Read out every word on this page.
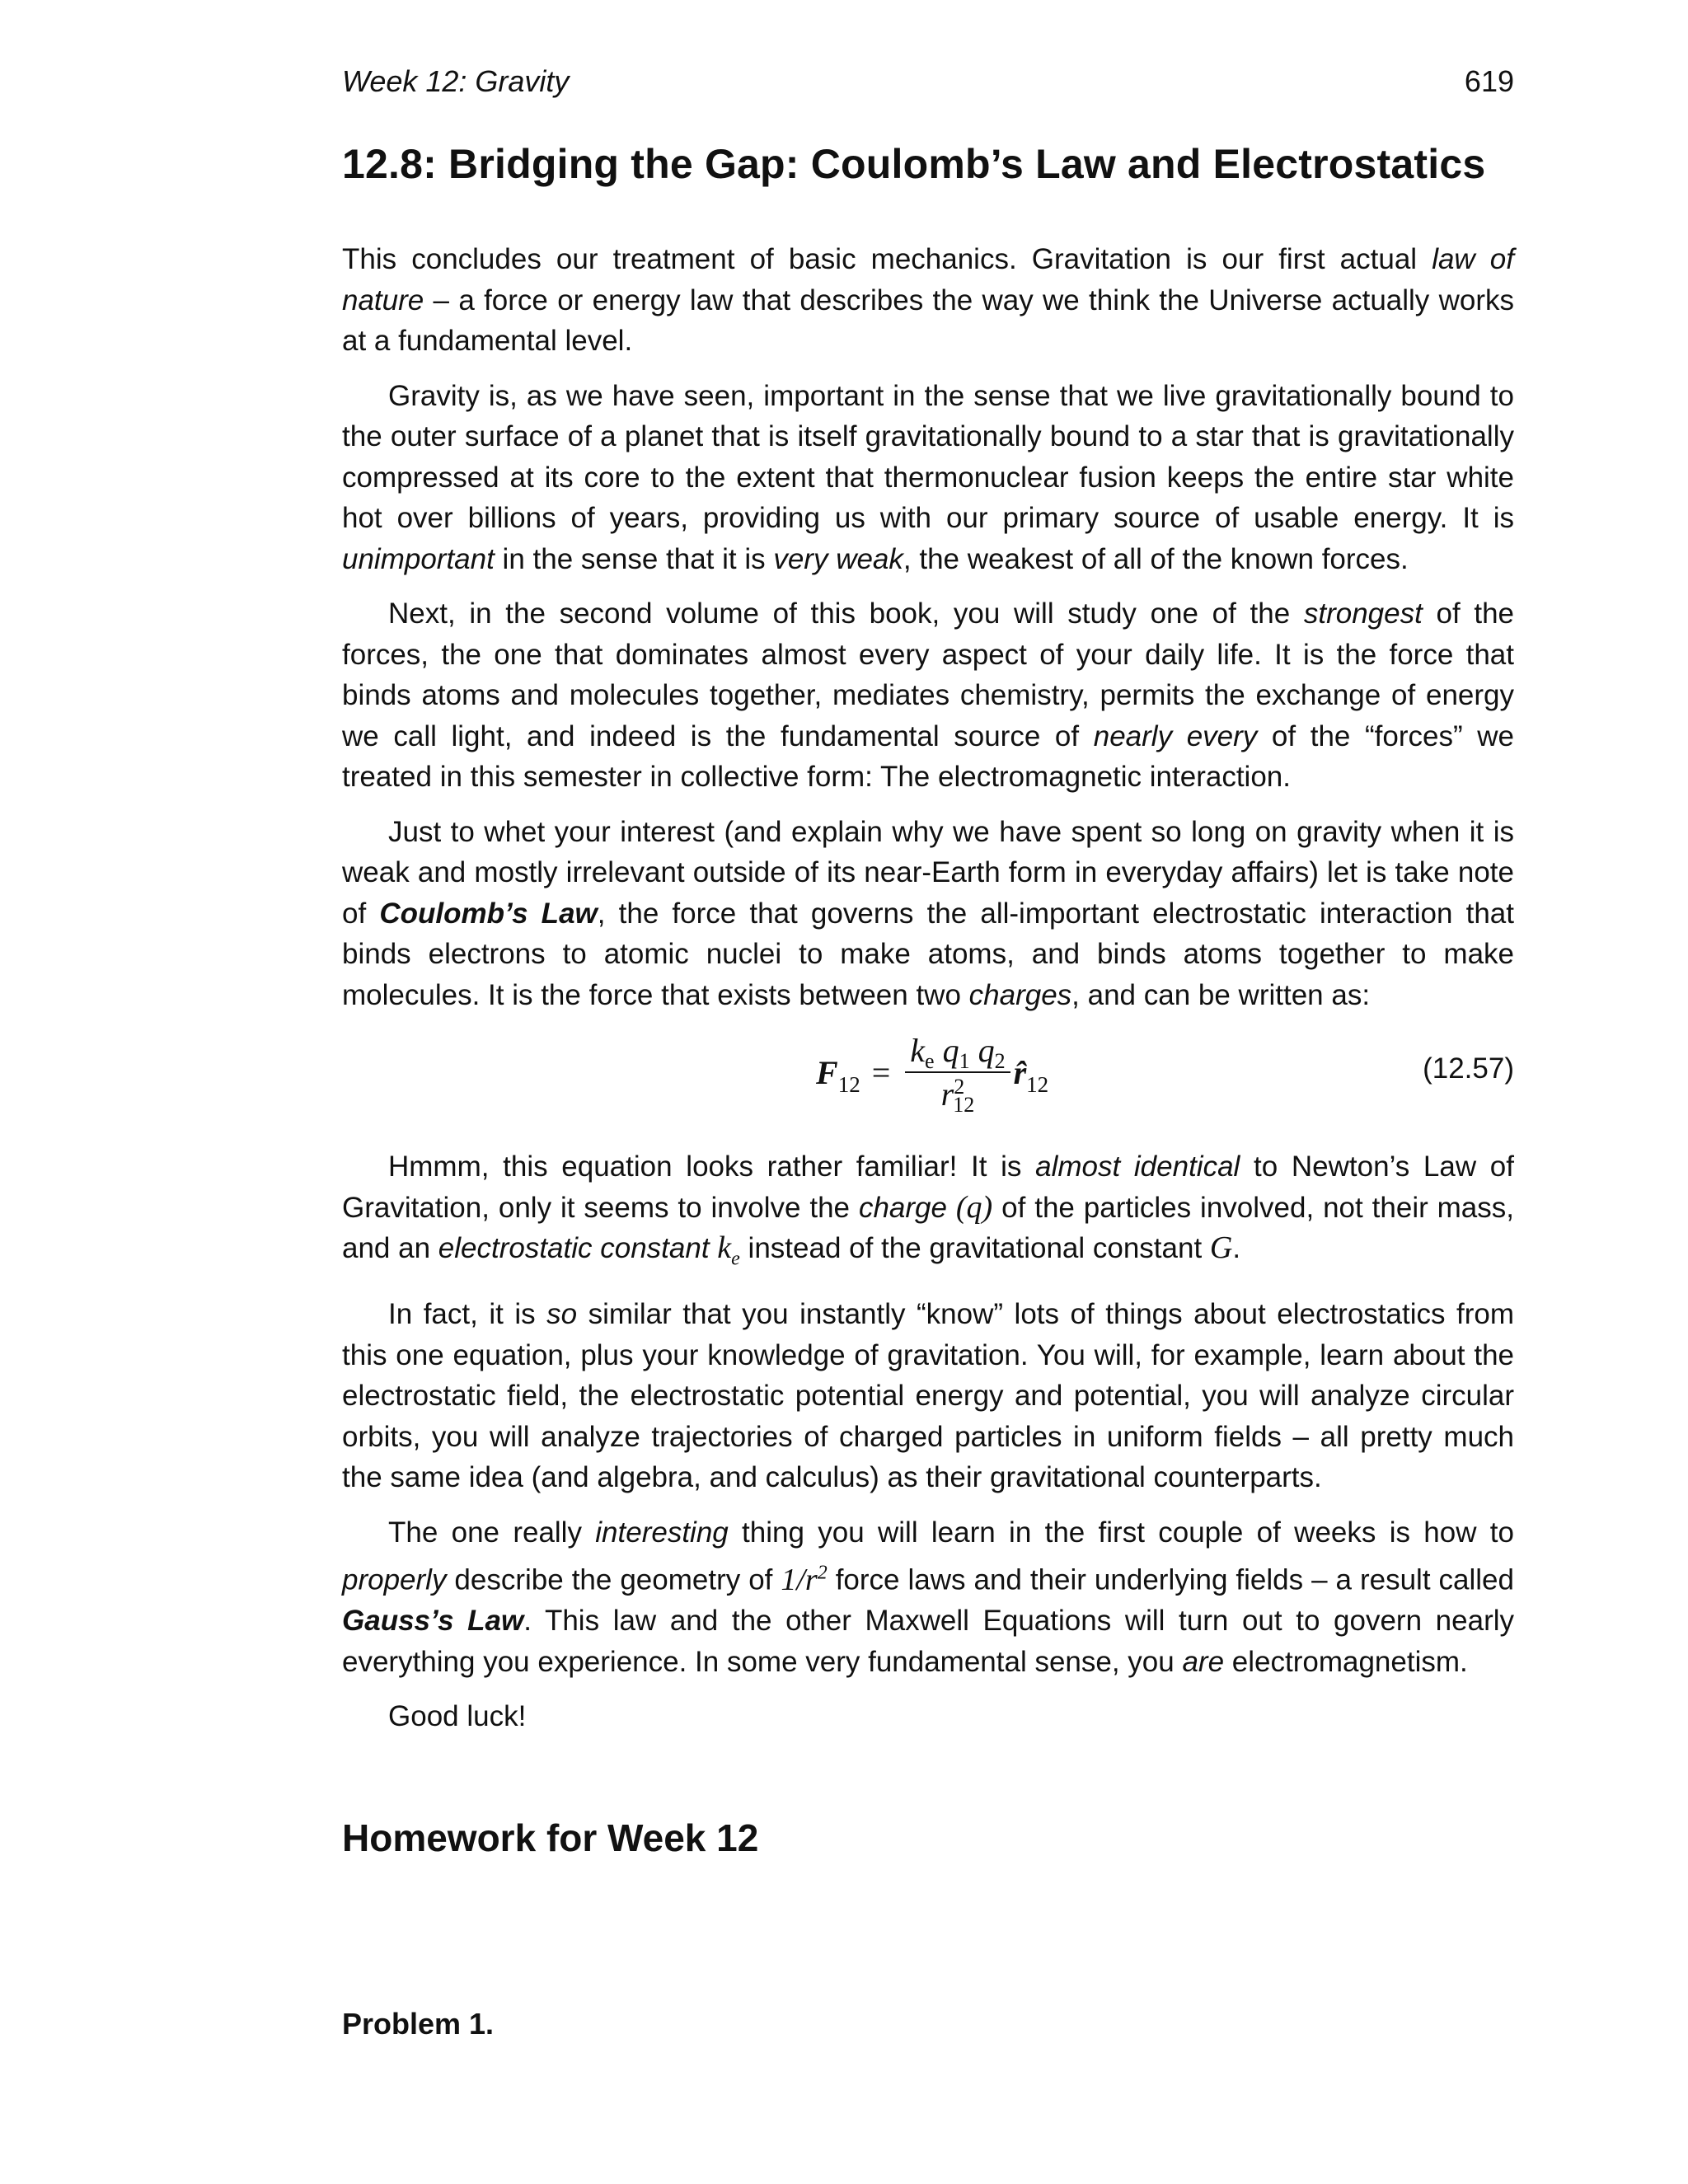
Week 12: Gravity	619
12.8: Bridging the Gap: Coulomb’s Law and Electrostatics

This concludes our treatment of basic mechanics. Gravitation is our first actual law of nature – a force or energy law that describes the way we think the Universe actually works at a fundamental level.

Gravity is, as we have seen, important in the sense that we live gravitationally bound to the outer surface of a planet that is itself gravitationally bound to a star that is gravitationally compressed at its core to the extent that thermonuclear fusion keeps the entire star white hot over billions of years, providing us with our primary source of usable energy. It is unimportant in the sense that it is very weak, the weakest of all of the known forces.

Next, in the second volume of this book, you will study one of the strongest of the forces, the one that dominates almost every aspect of your daily life. It is the force that binds atoms and molecules together, mediates chemistry, permits the exchange of energy we call light, and indeed is the fundamental source of nearly every of the “forces” we treated in this semester in collective form: The electromagnetic interaction.

Just to whet your interest (and explain why we have spent so long on gravity when it is weak and mostly irrelevant outside of its near-Earth form in everyday affairs) let is take note of Coulomb’s Law, the force that governs the all-important electrostatic interaction that binds electrons to atomic nuclei to make atoms, and binds atoms together to make molecules. It is the force that exists between two charges, and can be written as:

$F_{12} = \frac{k_e q_1 q_2}{r^2_{12}}$ $r̂_{12}$	(12.57)

Hmmm, this equation looks rather familiar! It is almost identical to Newton’s Law of Gravitation, only it seems to involve the charge (q) of the particles involved, not their mass, and an electrostatic constant $k_e$ instead of the gravitational constant G.

In fact, it is so similar that you instantly “know” lots of things about electrostatics from this one equation, plus your knowledge of gravitation. You will, for example, learn about the electrostatic field, the electrostatic potential energy and potential, you will analyze circular orbits, you will analyze trajectories of charged particles in uniform fields – all pretty much the same idea (and algebra, and calculus) as their gravitational counterparts.

The one really interesting thing you will learn in the first couple of weeks is how to properly describe the geometry of $1/r^2$ force laws and their underlying fields – a result called Gauss’s Law. This law and the other Maxwell Equations will turn out to govern nearly everything you experience. In some very fundamental sense, you are electromagnetism.

Good luck!

Homework for Week 12

Problem 1.
